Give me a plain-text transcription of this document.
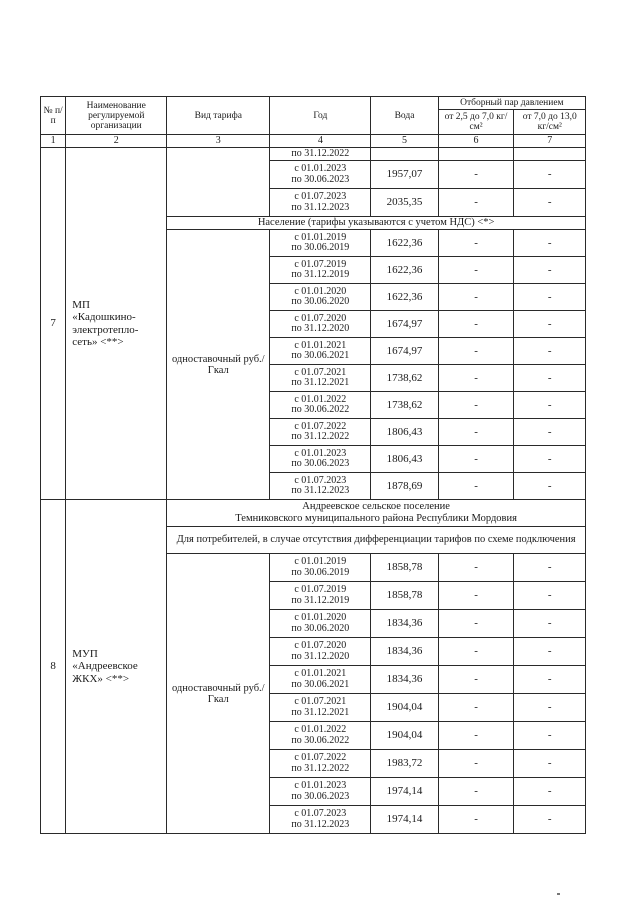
№ п/п	Наименование регулируемой организации	Вид тарифа	Год	Вода	Отборный пар давлением	
					от 2,5 до 7,0 кг/см²	от 7,0 до 13,0 кг/см²
1	2	3	4	5	6	7
7	МП
«Кадошкино-
электротепло-
сеть» <**>		по 31.12.2022			

			с 01.01.2023
по 30.06.2023	1957,07	-	-

			с 01.07.2023
по 31.12.2023	2035,35	-	-
		Население (тарифы указываются с учетом НДС) <*>				
		одноставочный руб./Гкал	с 01.01.2019
по 30.06.2019	1622,36	-	-

			с 01.07.2019
по 31.12.2019	1622,36	-	-

			с 01.01.2020
по 30.06.2020	1622,36	-	-

			с 01.07.2020
по 31.12.2020	1674,97	-	-

			с 01.01.2021
по 30.06.2021	1674,97	-	-

			с 01.07.2021
по 31.12.2021	1738,62	-	-

			с 01.01.2022
по 30.06.2022	1738,62	-	-

			с 01.07.2022
по 31.12.2022	1806,43	-	-

			с 01.01.2023
по 30.06.2023	1806,43	-	-

			с 01.07.2023
по 31.12.2023	1878,69	-	-
8	МУП
«Андреевское
ЖКХ» <**>	Андреевское сельское поселение
Темниковского муниципального района Республики Мордовия				

		Для потребителей, в случае отсутствия дифференциации тарифов по схеме подключения				
		одноставочный руб./Гкал	с 01.01.2019
по 30.06.2019	1858,78	-	-

			с 01.07.2019
по 31.12.2019	1858,78	-	-

			с 01.01.2020
по 30.06.2020	1834,36	-	-

			с 01.07.2020
по 31.12.2020	1834,36	-	-

			с 01.01.2021
по 30.06.2021	1834,36	-	-

			с 01.07.2021
по 31.12.2021	1904,04	-	-

			с 01.01.2022
по 30.06.2022	1904,04	-	-

			с 01.07.2022
по 31.12.2022	1983,72	-	-

			с 01.01.2023
по 30.06.2023	1974,14	-	-

			с 01.07.2023
по 31.12.2023	1974,14	-	-
